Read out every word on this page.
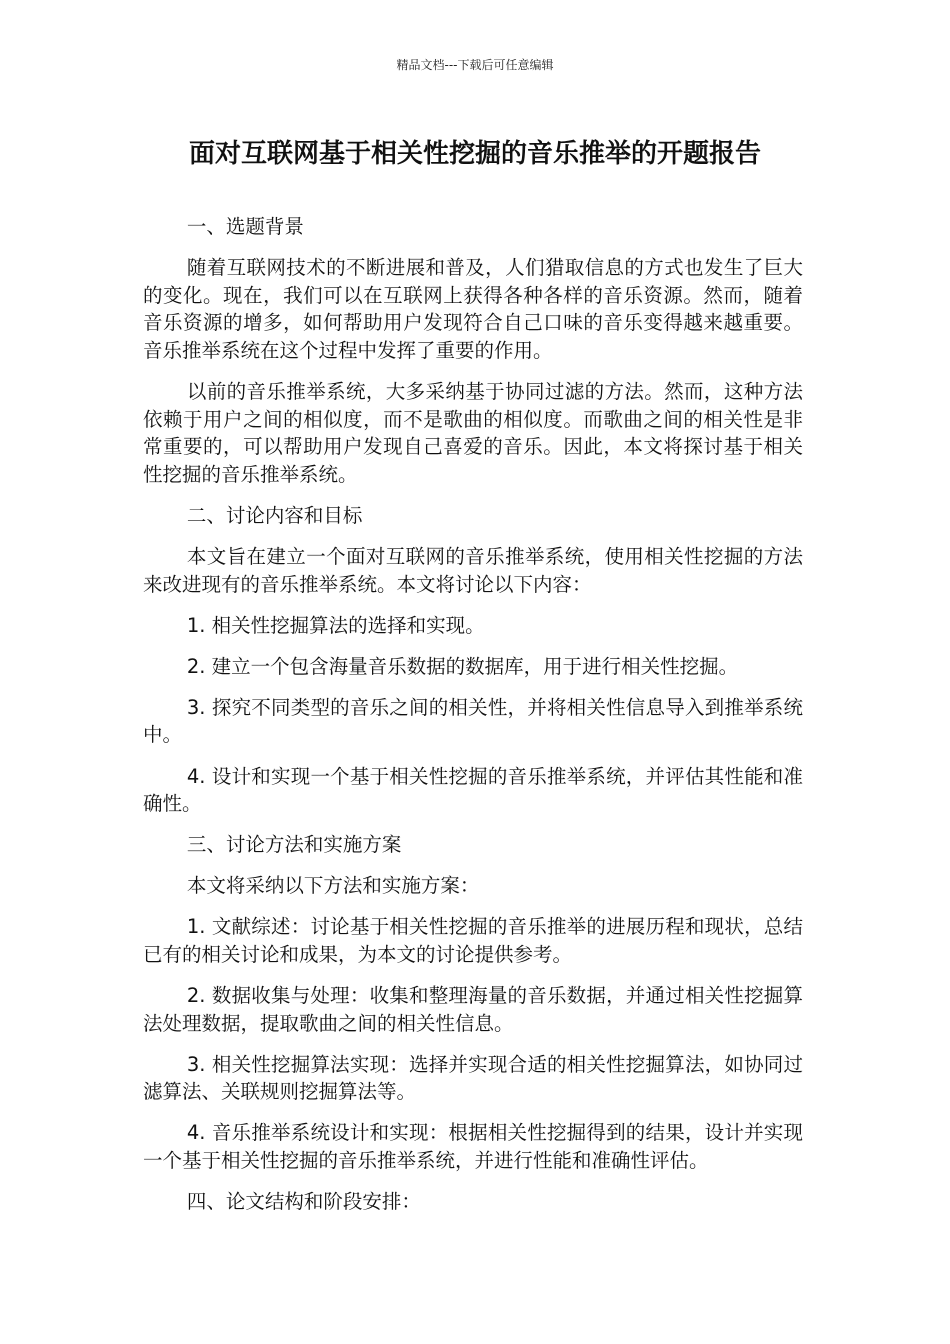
精品文档---下载后可任意编辑
面对互联网基于相关性挖掘的音乐推举的开题报告

一、选题背景

随着互联网技术的不断进展和普及，人们猎取信息的方式也发生了巨大的变化。现在，我们可以在互联网上获得各种各样的音乐资源。然而，随着音乐资源的增多，如何帮助用户发现符合自己口味的音乐变得越来越重要。音乐推举系统在这个过程中发挥了重要的作用。

以前的音乐推举系统，大多采纳基于协同过滤的方法。然而，这种方法依赖于用户之间的相似度，而不是歌曲的相似度。而歌曲之间的相关性是非常重要的，可以帮助用户发现自己喜爱的音乐。因此，本文将探讨基于相关性挖掘的音乐推举系统。

二、讨论内容和目标

本文旨在建立一个面对互联网的音乐推举系统，使用相关性挖掘的方法来改进现有的音乐推举系统。本文将讨论以下内容：

1. 相关性挖掘算法的选择和实现。

2. 建立一个包含海量音乐数据的数据库，用于进行相关性挖掘。

3. 探究不同类型的音乐之间的相关性，并将相关性信息导入到推举系统中。

4. 设计和实现一个基于相关性挖掘的音乐推举系统，并评估其性能和准确性。

三、讨论方法和实施方案

本文将采纳以下方法和实施方案：

1. 文献综述：讨论基于相关性挖掘的音乐推举的进展历程和现状，总结已有的相关讨论和成果，为本文的讨论提供参考。

2. 数据收集与处理：收集和整理海量的音乐数据，并通过相关性挖掘算法处理数据，提取歌曲之间的相关性信息。

3. 相关性挖掘算法实现：选择并实现合适的相关性挖掘算法，如协同过滤算法、关联规则挖掘算法等。

4. 音乐推举系统设计和实现：根据相关性挖掘得到的结果，设计并实现一个基于相关性挖掘的音乐推举系统，并进行性能和准确性评估。

四、论文结构和阶段安排：
